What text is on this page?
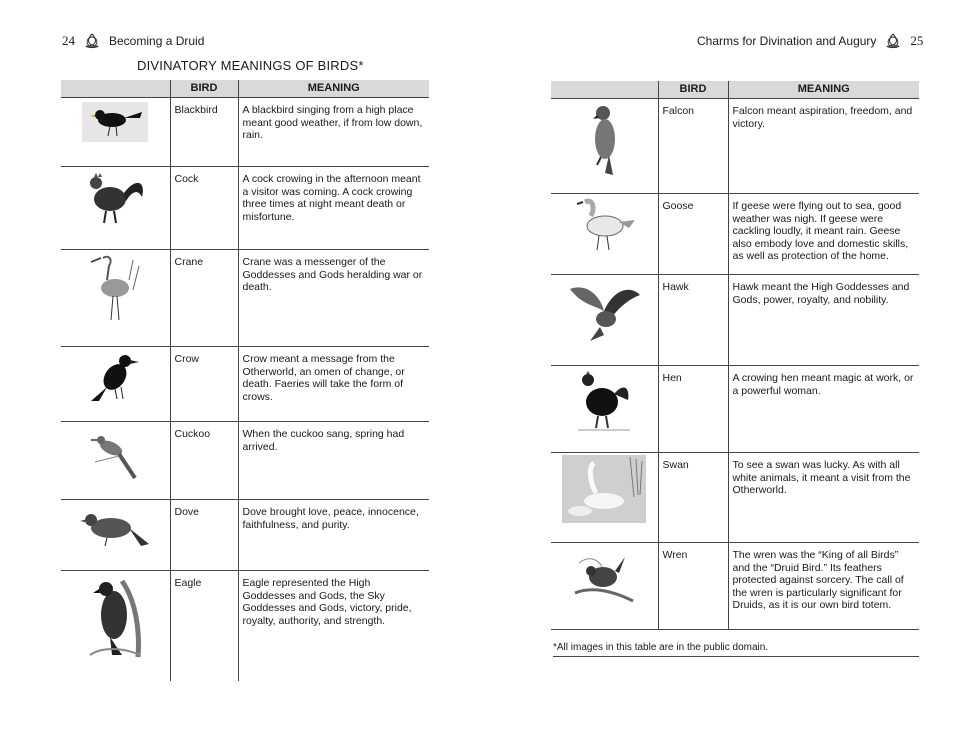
24	Becoming a Druid	Charms for Divination and Augury	25
DIVINATORY MEANINGS OF BIRDS*
	BIRD	MEANING

	Blackbird	A blackbird singing from a high place meant good weather, if from low down, rain.

	Cock	A cock crowing in the afternoon meant a visitor was coming. A cock crowing three times at night meant death or misfortune.

	Crane	Crane was a messenger of the Goddesses and Gods heralding war or death.

	Crow	Crow meant a message from the Otherworld, an omen of change, or death. Faeries will take the form of crows.

	Cuckoo	When the cuckoo sang, spring had arrived.

	Dove	Dove brought love, peace, innocence, faithfulness, and purity.

	Eagle	Eagle represented the High Goddesses and Gods, the Sky Goddesses and Gods, victory, pride, royalty, authority, and strength.
	BIRD	MEANING

	Falcon	Falcon meant aspiration, freedom, and victory.

	Goose	If geese were flying out to sea, good weather was nigh. If geese were cackling loudly, it meant rain. Geese also embody love and domestic skills, as well as protection of the home.

	Hawk	Hawk meant the High Goddesses and Gods, power, royalty, and nobility.

	Hen	A crowing hen meant magic at work, or a powerful woman.

	Swan	To see a swan was lucky. As with all white animals, it meant a visit from the Otherworld.

	Wren	The wren was the “King of all Birds” and the “Druid Bird.” Its feathers protected against sorcery. The call of the wren is particularly significant for Druids, as it is our own bird totem.
*All images in this table are in the public domain.
